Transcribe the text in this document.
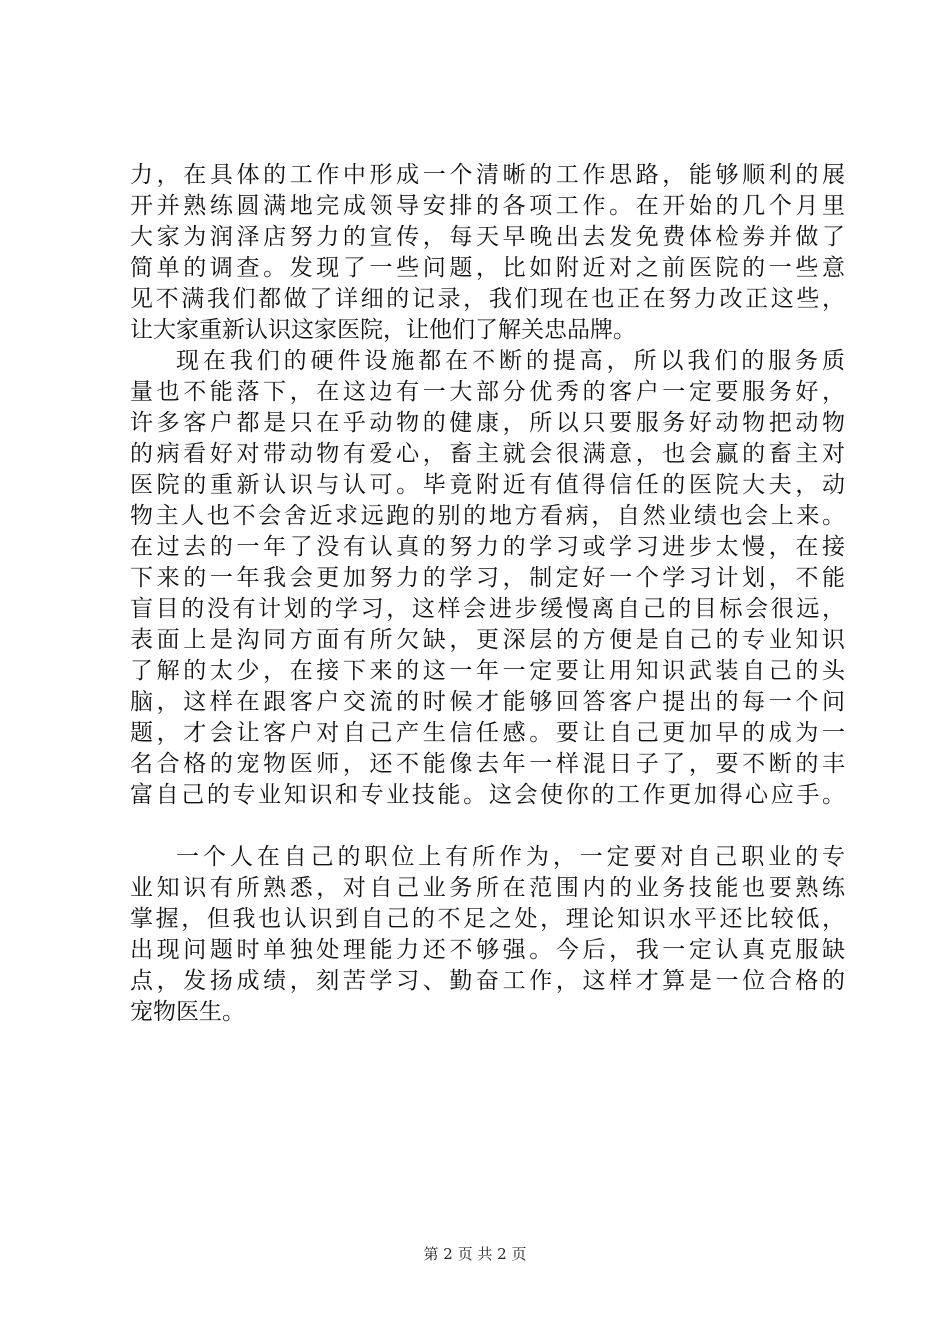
力，在具体的工作中形成一个清晰的工作思路，能够顺利的展
开并熟练圆满地完成领导安排的各项工作。在开始的几个月里
大家为润泽店努力的宣传，每天早晚出去发免费体检劵并做了
简单的调查。发现了一些问题，比如附近对之前医院的一些意
见不满我们都做了详细的记录，我们现在也正在努力改正这些，
让大家重新认识这家医院，让他们了解关忠品牌。
现在我们的硬件设施都在不断的提高，所以我们的服务质
量也不能落下，在这边有一大部分优秀的客户一定要服务好，
许多客户都是只在乎动物的健康，所以只要服务好动物把动物
的病看好对带动物有爱心，畜主就会很满意，也会赢的畜主对
医院的重新认识与认可。毕竟附近有值得信任的医院大夫，动
物主人也不会舍近求远跑的别的地方看病，自然业绩也会上来。
在过去的一年了没有认真的努力的学习或学习进步太慢，在接
下来的一年我会更加努力的学习，制定好一个学习计划，不能
盲目的没有计划的学习，这样会进步缓慢离自己的目标会很远，
表面上是沟同方面有所欠缺，更深层的方便是自己的专业知识
了解的太少，在接下来的这一年一定要让用知识武装自己的头
脑，这样在跟客户交流的时候才能够回答客户提出的每一个问
题，才会让客户对自己产生信任感。要让自己更加早的成为一
名合格的宠物医师，还不能像去年一样混日子了，要不断的丰
富自己的专业知识和专业技能。这会使你的工作更加得心应手。
一个人在自己的职位上有所作为，一定要对自己职业的专
业知识有所熟悉，对自己业务所在范围内的业务技能也要熟练
掌握，但我也认识到自己的不足之处，理论知识水平还比较低，
出现问题时单独处理能力还不够强。今后，我一定认真克服缺
点，发扬成绩，刻苦学习、勤奋工作，这样才算是一位合格的
宠物医生。
第 2 页 共 2 页
